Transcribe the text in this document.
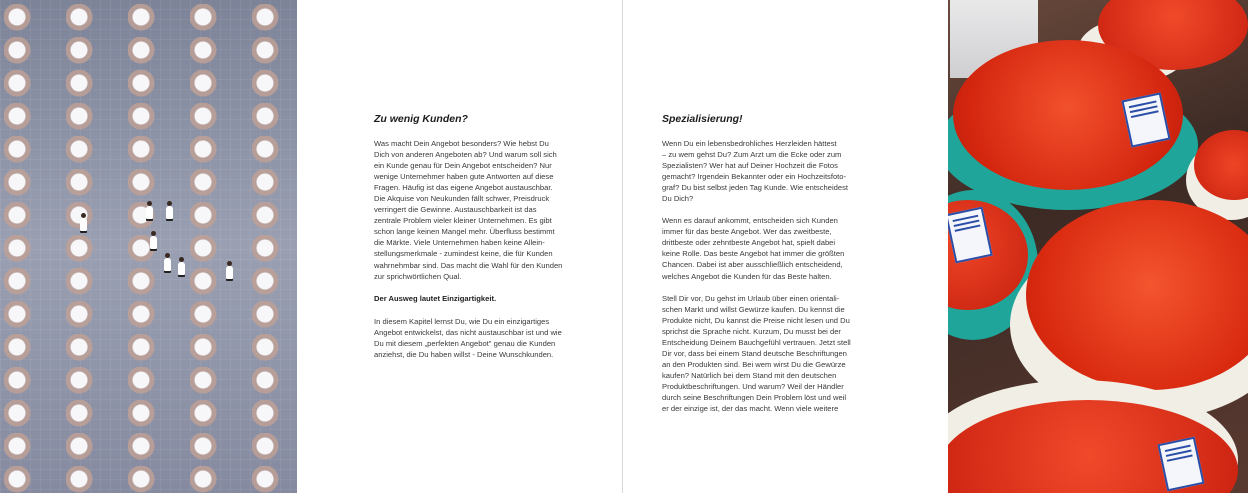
Zu wenig Kunden?

Was macht Dein Angebot besonders? Wie hebst Du
Dich von anderen Angeboten ab? Und warum soll sich
ein Kunde genau für Dein Angebot entscheiden? Nur
wenige Unternehmer haben gute Antworten auf diese
Fragen. Häufig ist das eigene Angebot austauschbar.
Die Akquise von Neukunden fällt schwer, Preisdruck
verringert die Gewinne. Austauschbarkeit ist das
zentrale Problem vieler kleiner Unternehmen. Es gibt
schon lange keinen Mangel mehr. Überfluss bestimmt
die Märkte. Viele Unternehmen haben keine Allein-
stellungsmerkmale - zumindest keine, die für Kunden
wahrnehmbar sind. Das macht die Wahl für den Kunden
zur sprichwörtlichen Qual.

Der Ausweg lautet Einzigartigkeit.

In diesem Kapitel lernst Du, wie Du ein einzigartiges
Angebot entwickelst, das nicht austauschbar ist und wie
Du mit diesem „perfekten Angebot" genau die Kunden
anziehst, die Du haben willst - Deine Wunschkunden.

Spezialisierung!

Wenn Du ein lebensbedrohliches Herzleiden hättest
– zu wem gehst Du? Zum Arzt um die Ecke oder zum
Spezialisten? Wer hat auf Deiner Hochzeit die Fotos
gemacht? Irgendein Bekannter oder ein Hochzeitsfoto-
graf? Du bist selbst jeden Tag Kunde. Wie entscheidest
Du Dich?

Wenn es darauf ankommt, entscheiden sich Kunden
immer für das beste Angebot. Wer das zweitbeste,
drittbeste oder zehntbeste Angebot hat, spielt dabei
keine Rolle. Das beste Angebot hat immer die größten
Chancen. Dabei ist aber ausschließlich entscheidend,
welches Angebot die Kunden für das Beste halten.

Stell Dir vor, Du gehst im Urlaub über einen orientali-
schen Markt und willst Gewürze kaufen. Du kennst die
Produkte nicht, Du kannst die Preise nicht lesen und Du
sprichst die Sprache nicht. Kurzum, Du musst bei der
Entscheidung Deinem Bauchgefühl vertrauen. Jetzt stell
Dir vor, dass bei einem Stand deutsche Beschriftungen
an den Produkten sind. Bei wem wirst Du die Gewürze
kaufen? Natürlich bei dem Stand mit den deutschen
Produktbeschriftungen. Und warum? Weil der Händler
durch seine Beschriftungen Dein Problem löst und weil
er der einzige ist, der das macht. Wenn viele weitere
